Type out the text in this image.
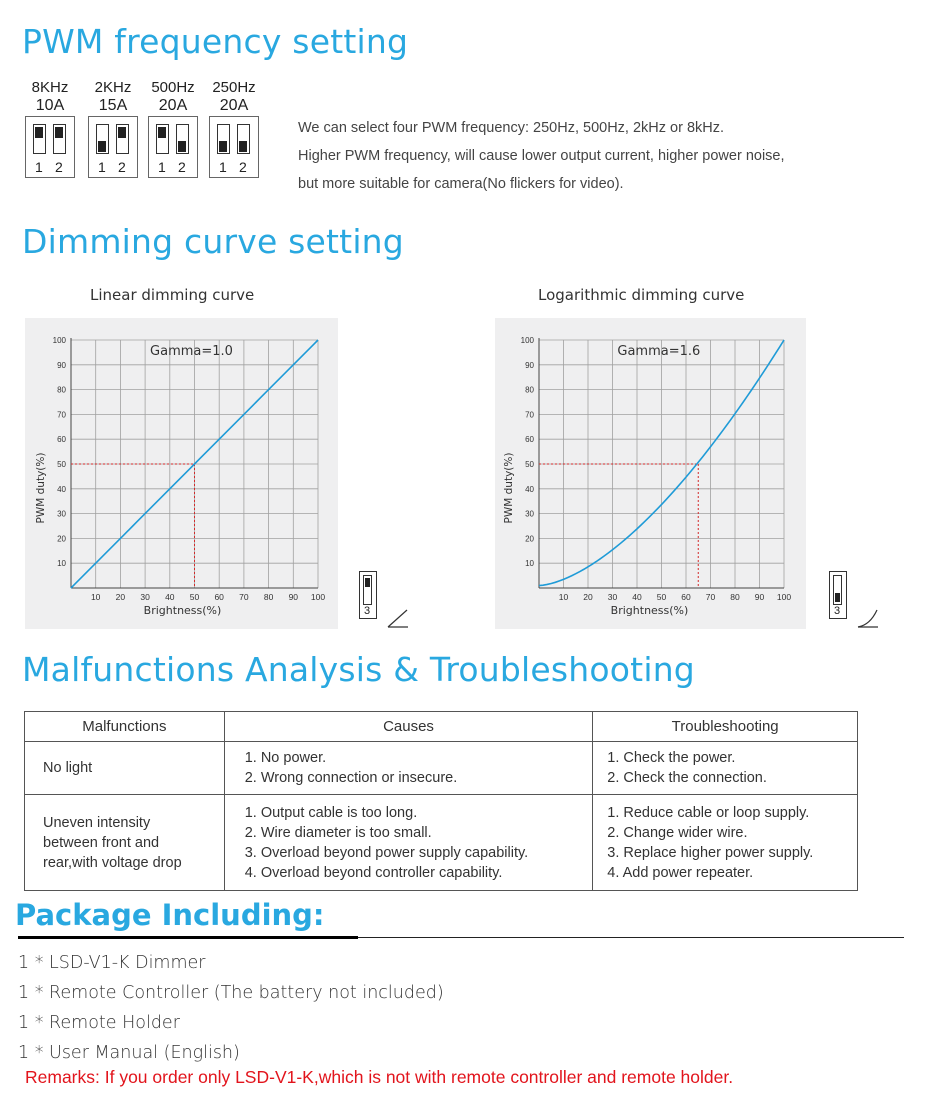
PWM frequency setting
8KHz
10A
1 2
2KHz
15A
1 2
500Hz
20A
1 2
250Hz
20A
1 2
We can select four PWM frequency: 250Hz, 500Hz, 2kHz or 8kHz.
Higher PWM frequency, will cause lower output current, higher power noise,
but more suitable for camera(No flickers for video).
Dimming curve setting
Linear dimming curve	Logarithmic dimming curve
10 20 30 40 50 60 70 80 90 100
10
20
30
40
50
60
70
80
90
100
Brightness(%)
PWM duty(%)
Gamma=1.0
10 20 30 40 50 60 70 80 90 100
10
20
30
40
50
60
70
80
90
100
Brightness(%)
PWM duty(%)
Gamma=1.6
3	3
Malfunctions Analysis & Troubleshooting
Malfunctions	Causes	Troubleshooting

No light	1. No power.
2. Wrong connection or insecure.	1. Check the power.
2. Check the connection.

Uneven intensity
between front and
rear,with voltage drop	1. Output cable is too long.
2. Wire diameter is too small.
3. Overload beyond power supply capability.
4. Overload beyond controller capability.	1. Reduce cable or loop supply.
2. Change wider wire.
3. Replace higher power supply.
4. Add power repeater.
Package Including:
1 * LSD-V1-K Dimmer
1 * Remote Controller (The battery not included)
1 * Remote Holder
1 * User Manual (English)
Remarks: If you order only LSD-V1-K,which is not with remote controller and remote holder.
